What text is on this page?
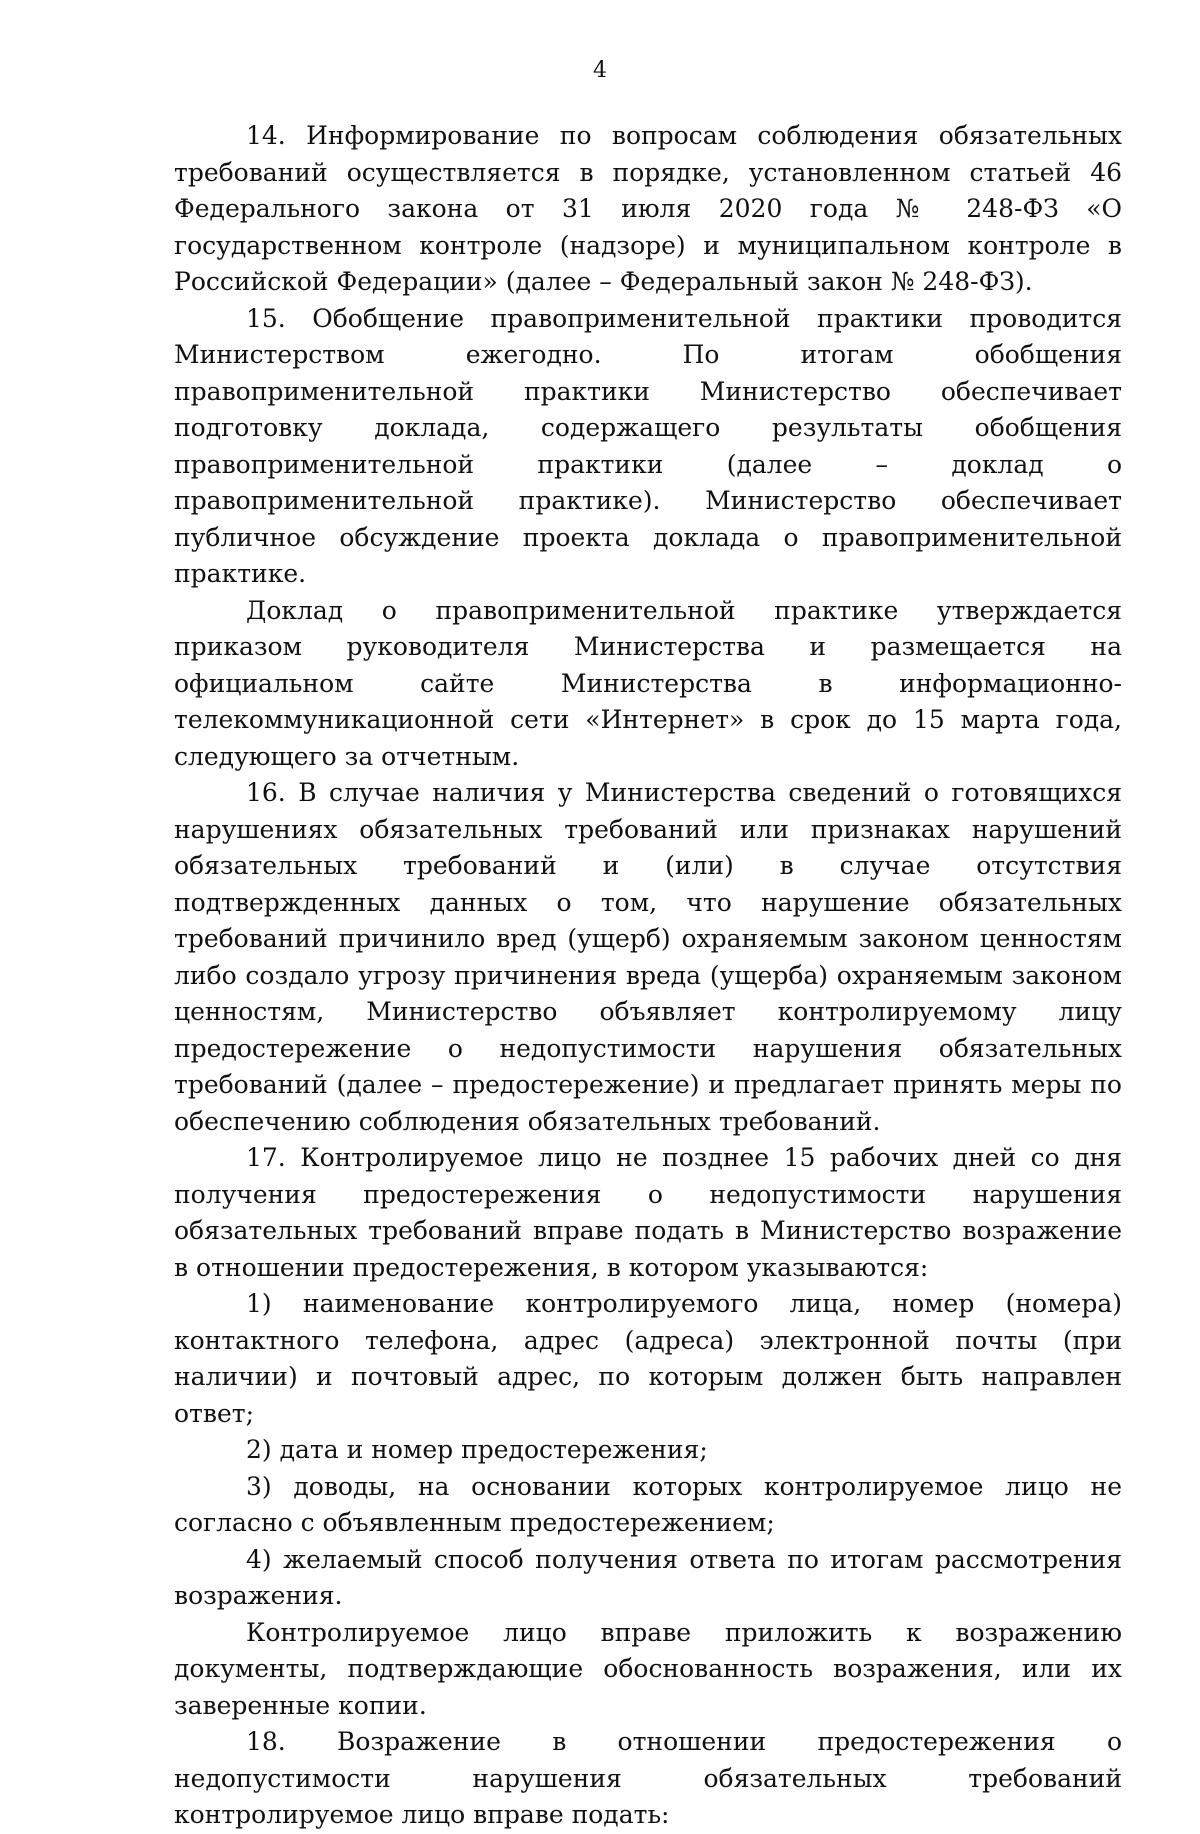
4

14. Информирование по вопросам соблюдения обязательных требований осуществляется в порядке, установленном статьей 46 Федерального закона от 31 июля 2020 года № 248-ФЗ «О государственном контроле (надзоре) и муниципальном контроле в Российской Федерации» (далее – Федеральный закон № 248-ФЗ).

15. Обобщение правоприменительной практики проводится Министерством ежегодно. По итогам обобщения правоприменительной практики Министерство обеспечивает подготовку доклада, содержащего результаты обобщения правоприменительной практики (далее – доклад о правоприменительной практике). Министерство обеспечивает публичное обсуждение проекта доклада о правоприменительной практике.

Доклад о правоприменительной практике утверждается приказом руководителя Министерства и размещается на официальном сайте Министерства в информационно-телекоммуникационной сети «Интернет» в срок до 15 марта года, следующего за отчетным.

16. В случае наличия у Министерства сведений о готовящихся нарушениях обязательных требований или признаках нарушений обязательных требований и (или) в случае отсутствия подтвержденных данных о том, что нарушение обязательных требований причинило вред (ущерб) охраняемым законом ценностям либо создало угрозу причинения вреда (ущерба) охраняемым законом ценностям, Министерство объявляет контролируемому лицу предостережение о недопустимости нарушения обязательных требований (далее – предостережение) и предлагает принять меры по обеспечению соблюдения обязательных требований.

17. Контролируемое лицо не позднее 15 рабочих дней со дня получения предостережения о недопустимости нарушения обязательных требований вправе подать в Министерство возражение в отношении предостережения, в котором указываются:

1) наименование контролируемого лица, номер (номера) контактного телефона, адрес (адреса) электронной почты (при наличии) и почтовый адрес, по которым должен быть направлен ответ;

2) дата и номер предостережения;

3) доводы, на основании которых контролируемое лицо не согласно с объявленным предостережением;

4) желаемый способ получения ответа по итогам рассмотрения возражения.

Контролируемое лицо вправе приложить к возражению документы, подтверждающие обоснованность возражения, или их заверенные копии.

18. Возражение в отношении предостережения о недопустимости нарушения обязательных требований контролируемое лицо вправе подать:
